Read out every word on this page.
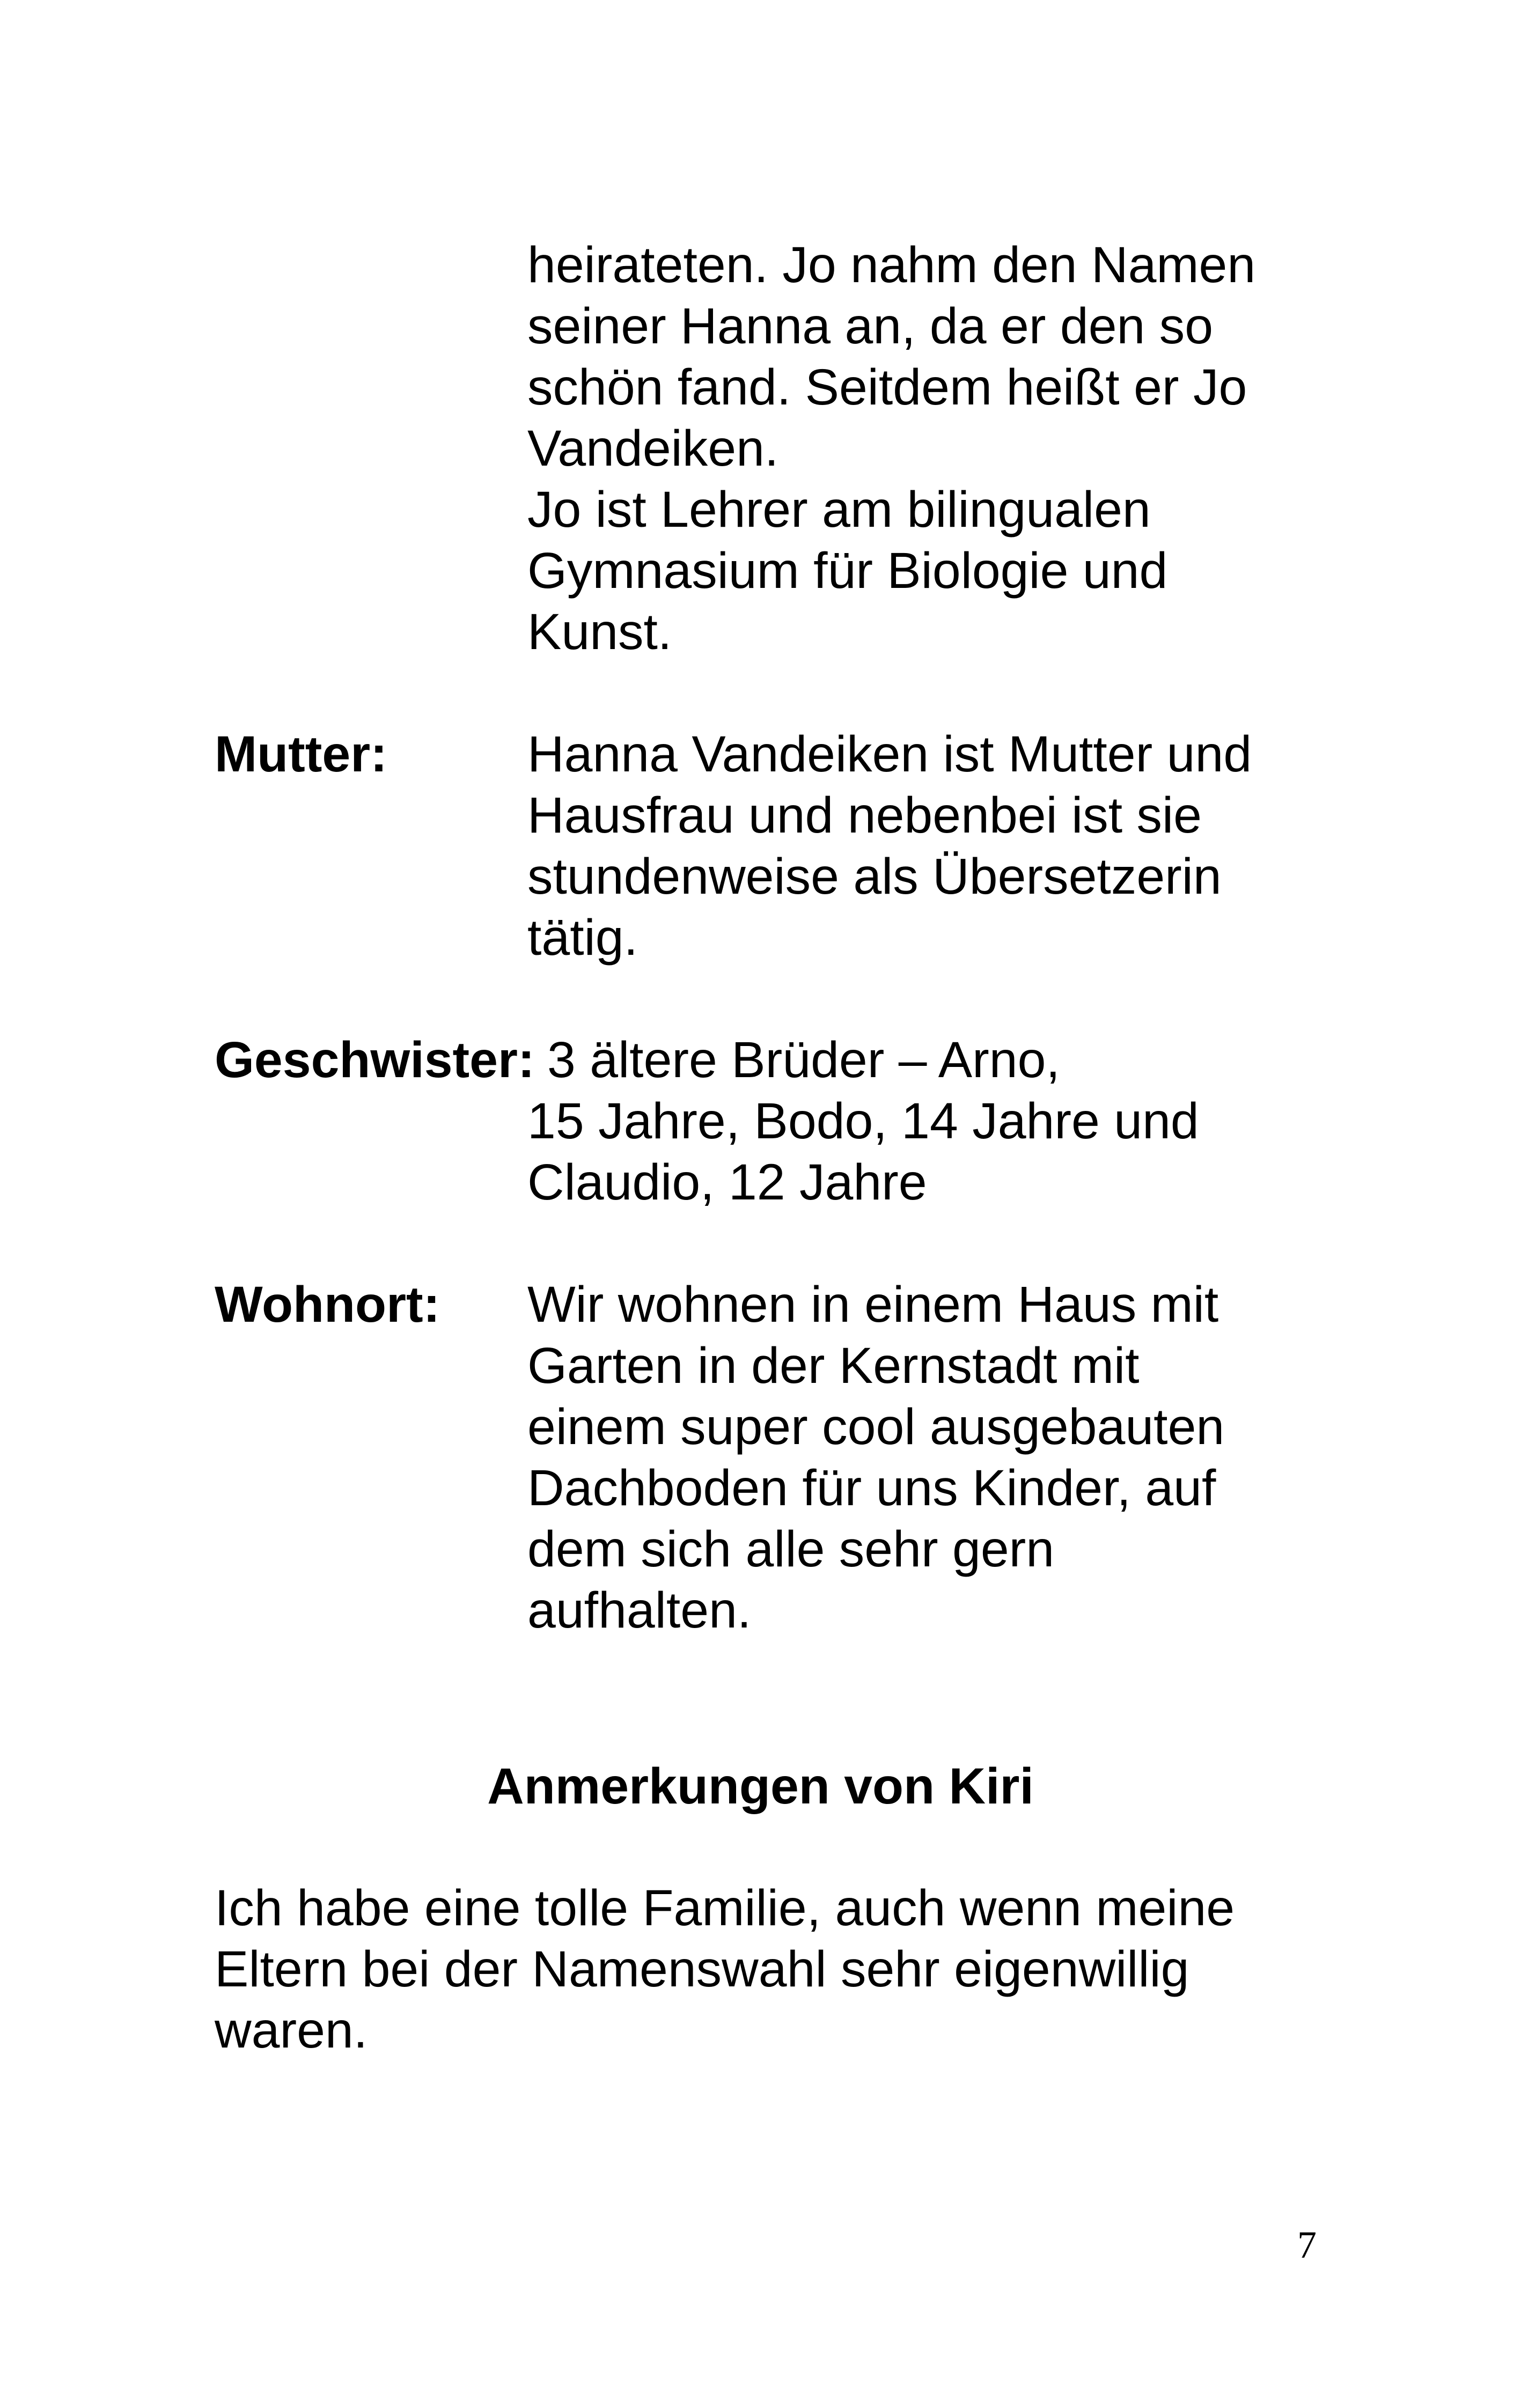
heirateten. Jo nahm den Namen
seiner Hanna an, da er den so
schön fand. Seitdem heißt er Jo
Vandeiken.
Jo ist Lehrer am bilingualen
Gymnasium für Biologie und
Kunst.
Mutter:	Hanna Vandeiken ist Mutter und
Hausfrau und nebenbei ist sie
stundenweise als Übersetzerin
tätig.
Geschwister: 3 ältere Brüder – Arno,
15 Jahre, Bodo, 14 Jahre und
Claudio, 12 Jahre
Wohnort: Wir wohnen in einem Haus mit
Garten in der Kernstadt mit
einem super cool ausgebauten
Dachboden für uns Kinder, auf
dem sich alle sehr gern
aufhalten.
Anmerkungen von Kiri
Ich habe eine tolle Familie, auch wenn meine
Eltern bei der Namenswahl sehr eigenwillig
waren.
7
